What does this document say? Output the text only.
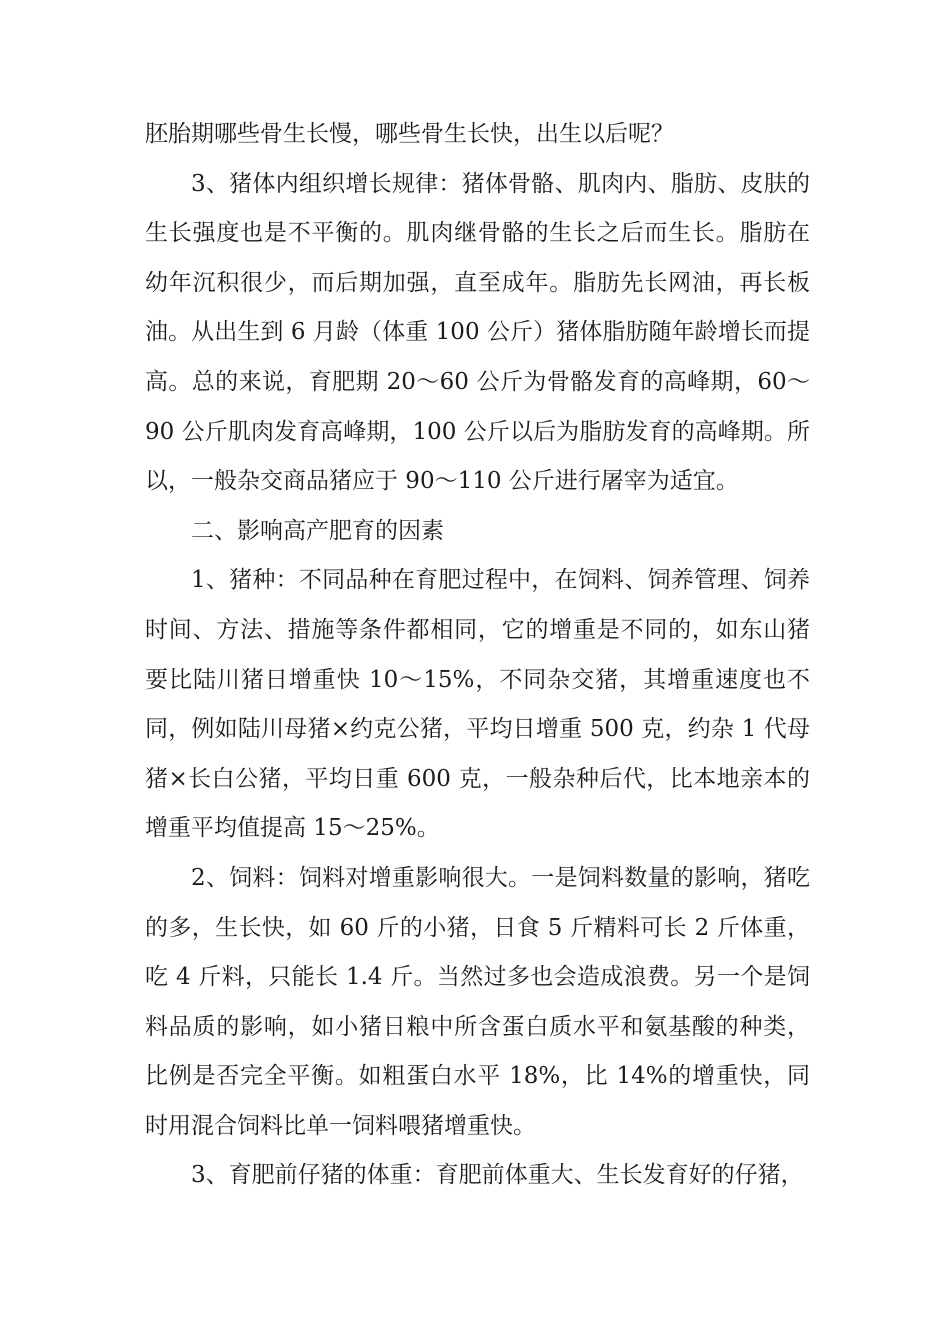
胚胎期哪些骨生长慢，哪些骨生长快，出生以后呢？

3、猪体内组织增长规律：猪体骨骼、肌肉内、脂肪、皮肤的生长强度也是不平衡的。肌肉继骨骼的生长之后而生长。脂肪在幼年沉积很少，而后期加强，直至成年。脂肪先长网油，再长板油。从出生到 6 月龄（体重 100 公斤）猪体脂肪随年龄增长而提高。总的来说，育肥期 20～60 公斤为骨骼发育的高峰期，60～90 公斤肌肉发育高峰期，100 公斤以后为脂肪发育的高峰期。所以，一般杂交商品猪应于 90～110 公斤进行屠宰为适宜。

二、影响高产肥育的因素

1、猪种：不同品种在育肥过程中，在饲料、饲养管理、饲养时间、方法、措施等条件都相同，它的增重是不同的，如东山猪要比陆川猪日增重快 10～15%，不同杂交猪，其增重速度也不同，例如陆川母猪×约克公猪，平均日增重 500 克，约杂 1 代母猪×长白公猪，平均日重 600 克，一般杂种后代，比本地亲本的增重平均值提高 15～25%。

2、饲料：饲料对增重影响很大。一是饲料数量的影响，猪吃的多，生长快，如 60 斤的小猪，日食 5 斤精料可长 2 斤体重，吃 4 斤料，只能长 1.4 斤。当然过多也会造成浪费。另一个是饲料品质的影响，如小猪日粮中所含蛋白质水平和氨基酸的种类，比例是否完全平衡。如粗蛋白水平 18%，比 14%的增重快，同时用混合饲料比单一饲料喂猪增重快。

3、育肥前仔猪的体重：育肥前体重大、生长发育好的仔猪，
